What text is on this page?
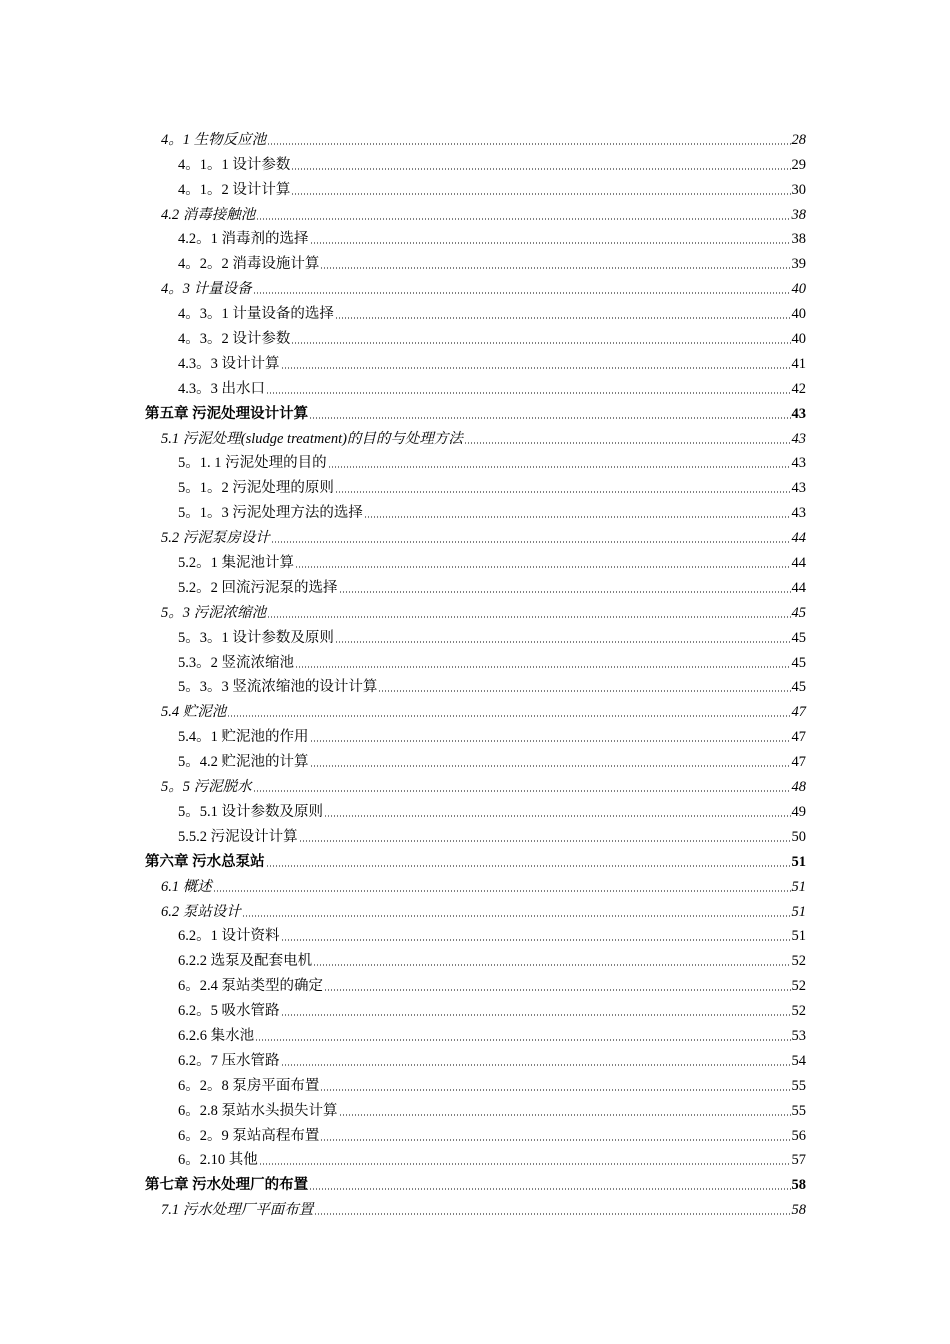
4。1 生物反应池	28
4。1。1 设计参数	29
4。1。2 设计计算	30
4.2 消毒接触池	38
4.2。1 消毒剂的选择	38
4。2。2 消毒设施计算	39
4。3 计量设备	40
4。3。1 计量设备的选择	40
4。3。2 设计参数	40
4.3。3 设计计算	41
4.3。3 出水口	42
第五章 污泥处理设计计算	43
5.1 污泥处理(sludge treatment)的目的与处理方法	43
5。1. 1 污泥处理的目的	43
5。1。2 污泥处理的原则	43
5。1。3 污泥处理方法的选择	43
5.2 污泥泵房设计	44
5.2。1 集泥池计算	44
5.2。2 回流污泥泵的选择	44
5。3 污泥浓缩池	45
5。3。1 设计参数及原则	45
5.3。2 竖流浓缩池	45
5。3。3 竖流浓缩池的设计计算	45
5.4 贮泥池	47
5.4。1 贮泥池的作用	47
5。4.2 贮泥池的计算	47
5。5 污泥脱水	48
5。5.1 设计参数及原则	49
5.5.2 污泥设计计算	50
第六章 污水总泵站	51
6.1 概述	51
6.2 泵站设计	51
6.2。1 设计资料	51
6.2.2 选泵及配套电机	52
6。2.4 泵站类型的确定	52
6.2。5 吸水管路	52
6.2.6 集水池	53
6.2。7 压水管路	54
6。2。8 泵房平面布置	55
6。2.8 泵站水头损失计算	55
6。2。9 泵站高程布置	56
6。2.10 其他	57
第七章 污水处理厂的布置	58
7.1 污水处理厂平面布置	58
